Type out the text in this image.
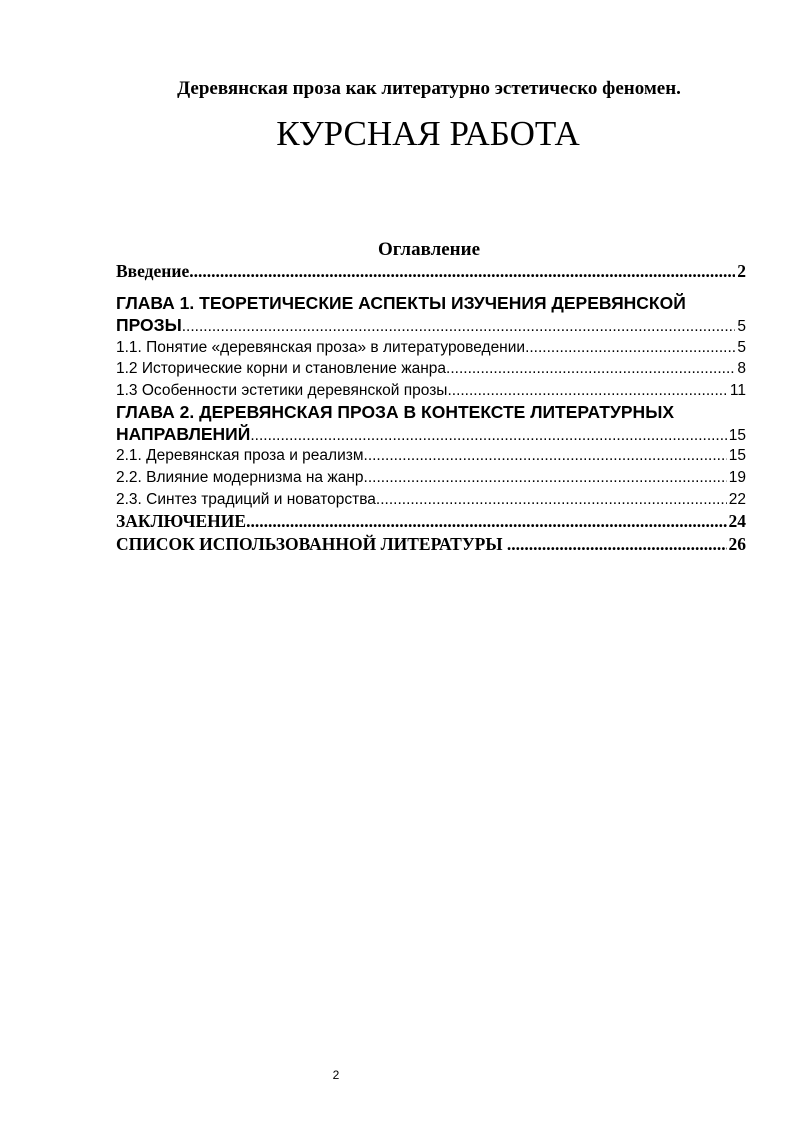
Деревянская проза как литературно эстетическо феномен.
КУРСНАЯ РАБОТА
Оглавление
Введение .....	2
ГЛАВА 1. ТЕОРЕТИЧЕСКИЕ АСПЕКТЫ ИЗУЧЕНИЯ ДЕРЕВЯНСКОЙ
ПРОЗЫ .....	5
1.1. Понятие «деревянская проза» в литературоведении .....	5
1.2 Исторические корни и становление жанра .....	8
1.3 Особенности эстетики деревянской прозы .....	11
ГЛАВА 2. ДЕРЕВЯНСКАЯ ПРОЗА В КОНТЕКСТЕ ЛИТЕРАТУРНЫХ
НАПРАВЛЕНИЙ .....	15
2.1. Деревянская проза и реализм .....	15
2.2. Влияние модернизма на жанр .....	19
2.3. Синтез традиций и новаторства .....	22
ЗАКЛЮЧЕНИЕ .....	24
СПИСОК ИСПОЛЬЗОВАННОЙ ЛИТЕРАТУРЫ .....	26
2
